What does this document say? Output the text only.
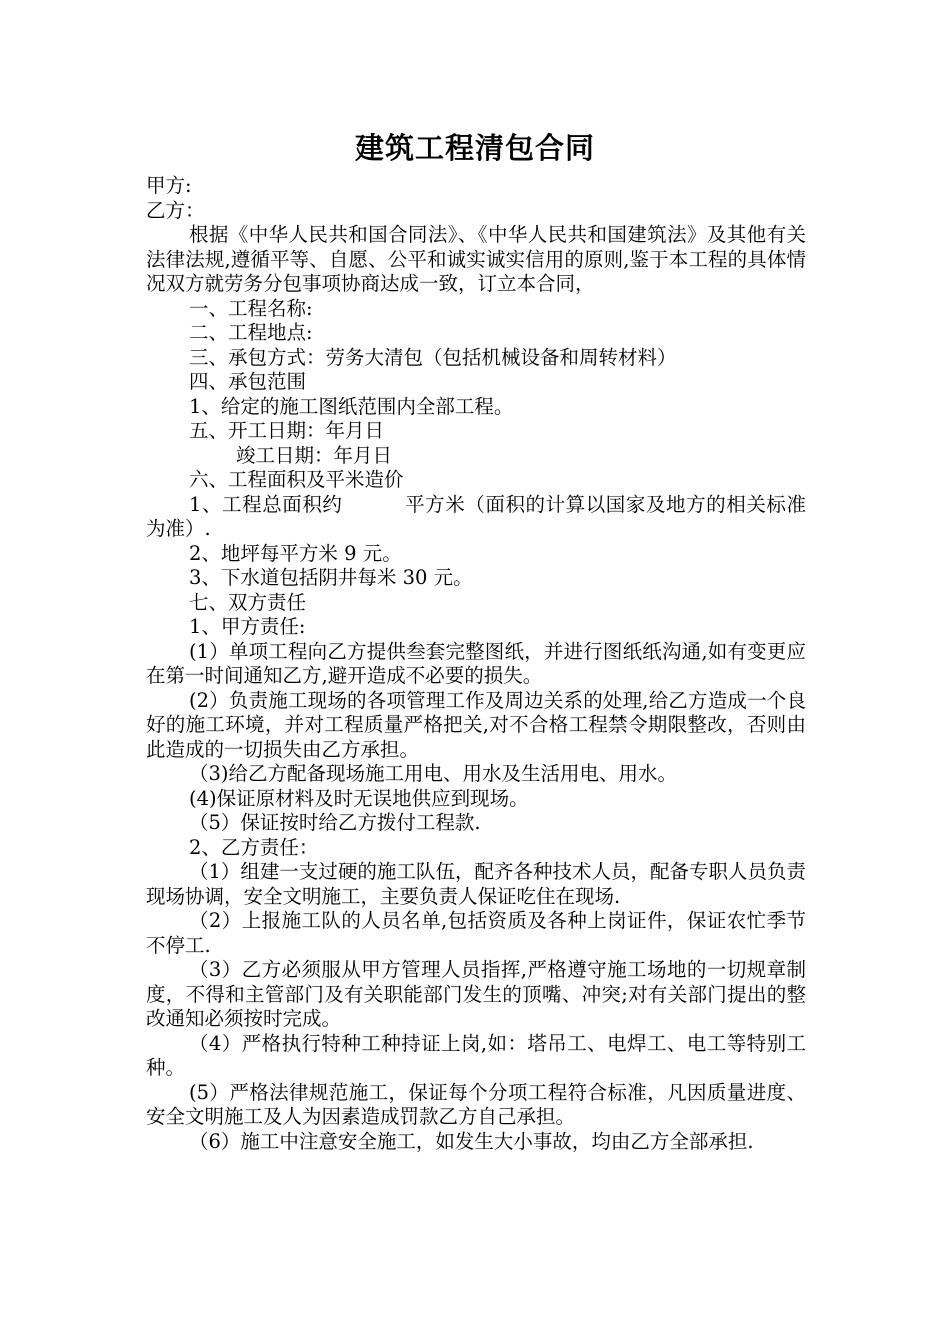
建筑工程清包合同

甲方:

乙方：

根据《中华人民共和国合同法》、《中华人民共和国建筑法》及其他有关法律法规,遵循平等、自愿、公平和诚实诚实信用的原则,鉴于本工程的具体情况双方就劳务分包事项协商达成一致，订立本合同，

一、工程名称:

二、工程地点:

三、承包方式：劳务大清包（包括机械设备和周转材料）

四、承包范围

1、给定的施工图纸范围内全部工程。

五、开工日期：年月日

竣工日期：年月日

六、工程面积及平米造价

1、工程总面积约	平方米（面积的计算以国家及地方的相关标准为准）.

2、地坪每平方米 9 元。

3、下水道包括阴井每米 30 元。

七、双方责任

1、甲方责任:

(1）单项工程向乙方提供叁套完整图纸，并进行图纸纸沟通,如有变更应在第一时间通知乙方,避开造成不必要的损失。

(2）负责施工现场的各项管理工作及周边关系的处理,给乙方造成一个良好的施工环境，并对工程质量严格把关,对不合格工程禁令期限整改，否则由此造成的一切损失由乙方承担。

（3)给乙方配备现场施工用电、用水及生活用电、用水。

(4)保证原材料及时无误地供应到现场。

（5）保证按时给乙方拨付工程款.

2、乙方责任：

（1）组建一支过硬的施工队伍，配齐各种技术人员，配备专职人员负责现场协调，安全文明施工，主要负责人保证吃住在现场.

（2）上报施工队的人员名单,包括资质及各种上岗证件，保证农忙季节不停工.

（3）乙方必须服从甲方管理人员指挥,严格遵守施工场地的一切规章制度，不得和主管部门及有关职能部门发生的顶嘴、冲突;对有关部门提出的整改通知必须按时完成。

（4）严格执行特种工种持证上岗,如：塔吊工、电焊工、电工等特别工种。

(5）严格法律规范施工，保证每个分项工程符合标准，凡因质量进度、安全文明施工及人为因素造成罚款乙方自己承担。

（6）施工中注意安全施工，如发生大小事故，均由乙方全部承担.
